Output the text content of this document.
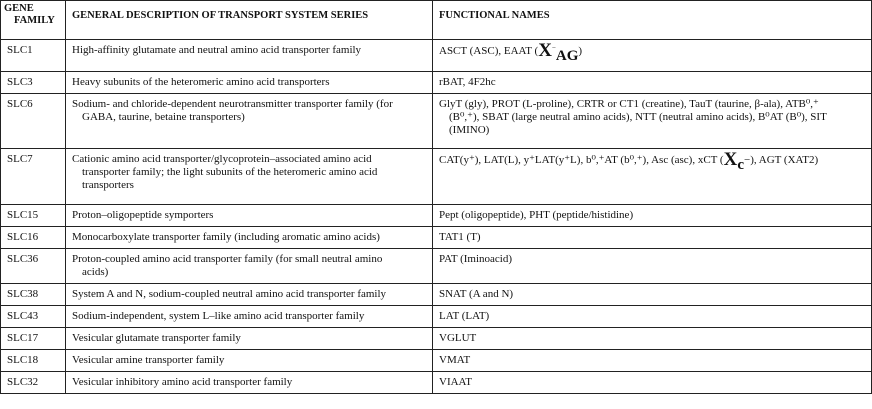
GENE
FAMILY	GENERAL DESCRIPTION OF TRANSPORT SYSTEM SERIES	FUNCTIONAL NAMES
SLC1	High-affinity glutamate and neutral amino acid transporter family	ASCT (ASC), EAAT (X−AG)
SLC3	Heavy subunits of the heteromeric amino acid transporters	rBAT, 4F2hc

SLC6	Sodium- and chloride-dependent neurotransmitter transporter family (for
GABA, taurine, betaine transporters)	GlyT (gly), PROT (L-proline), CRTR or CT1 (creatine), TauT (taurine, β-ala), ATB⁰,⁺
(B⁰,⁺), SBAT (large neutral amino acids), NTT (neutral amino acids), B⁰AT (B⁰), SIT
(IMINO)

SLC7	Cationic amino acid transporter/glycoprotein–associated amino acid
transporter family; the light subunits of the heteromeric amino acid
transporters	CAT(y⁺), LAT(L), y⁺LAT(y⁺L), b⁰,⁺AT (b⁰,⁺), Asc (asc), xCT (Xc−), AGT (XAT2)
SLC15	Proton–oligopeptide symporters	Pept (oligopeptide), PHT (peptide/histidine)

SLC16	Monocarboxylate transporter family (including aromatic amino acids)	TAT1 (T)

SLC36	Proton-coupled amino acid transporter family (for small neutral amino
acids)	PAT (Iminoacid)

SLC38	System A and N, sodium-coupled neutral amino acid transporter family	SNAT (A and N)

SLC43	Sodium-independent, system L–like amino acid transporter family	LAT (LAT)

SLC17	Vesicular glutamate transporter family	VGLUT

SLC18	Vesicular amine transporter family	VMAT

SLC32	Vesicular inhibitory amino acid transporter family	VIAAT
